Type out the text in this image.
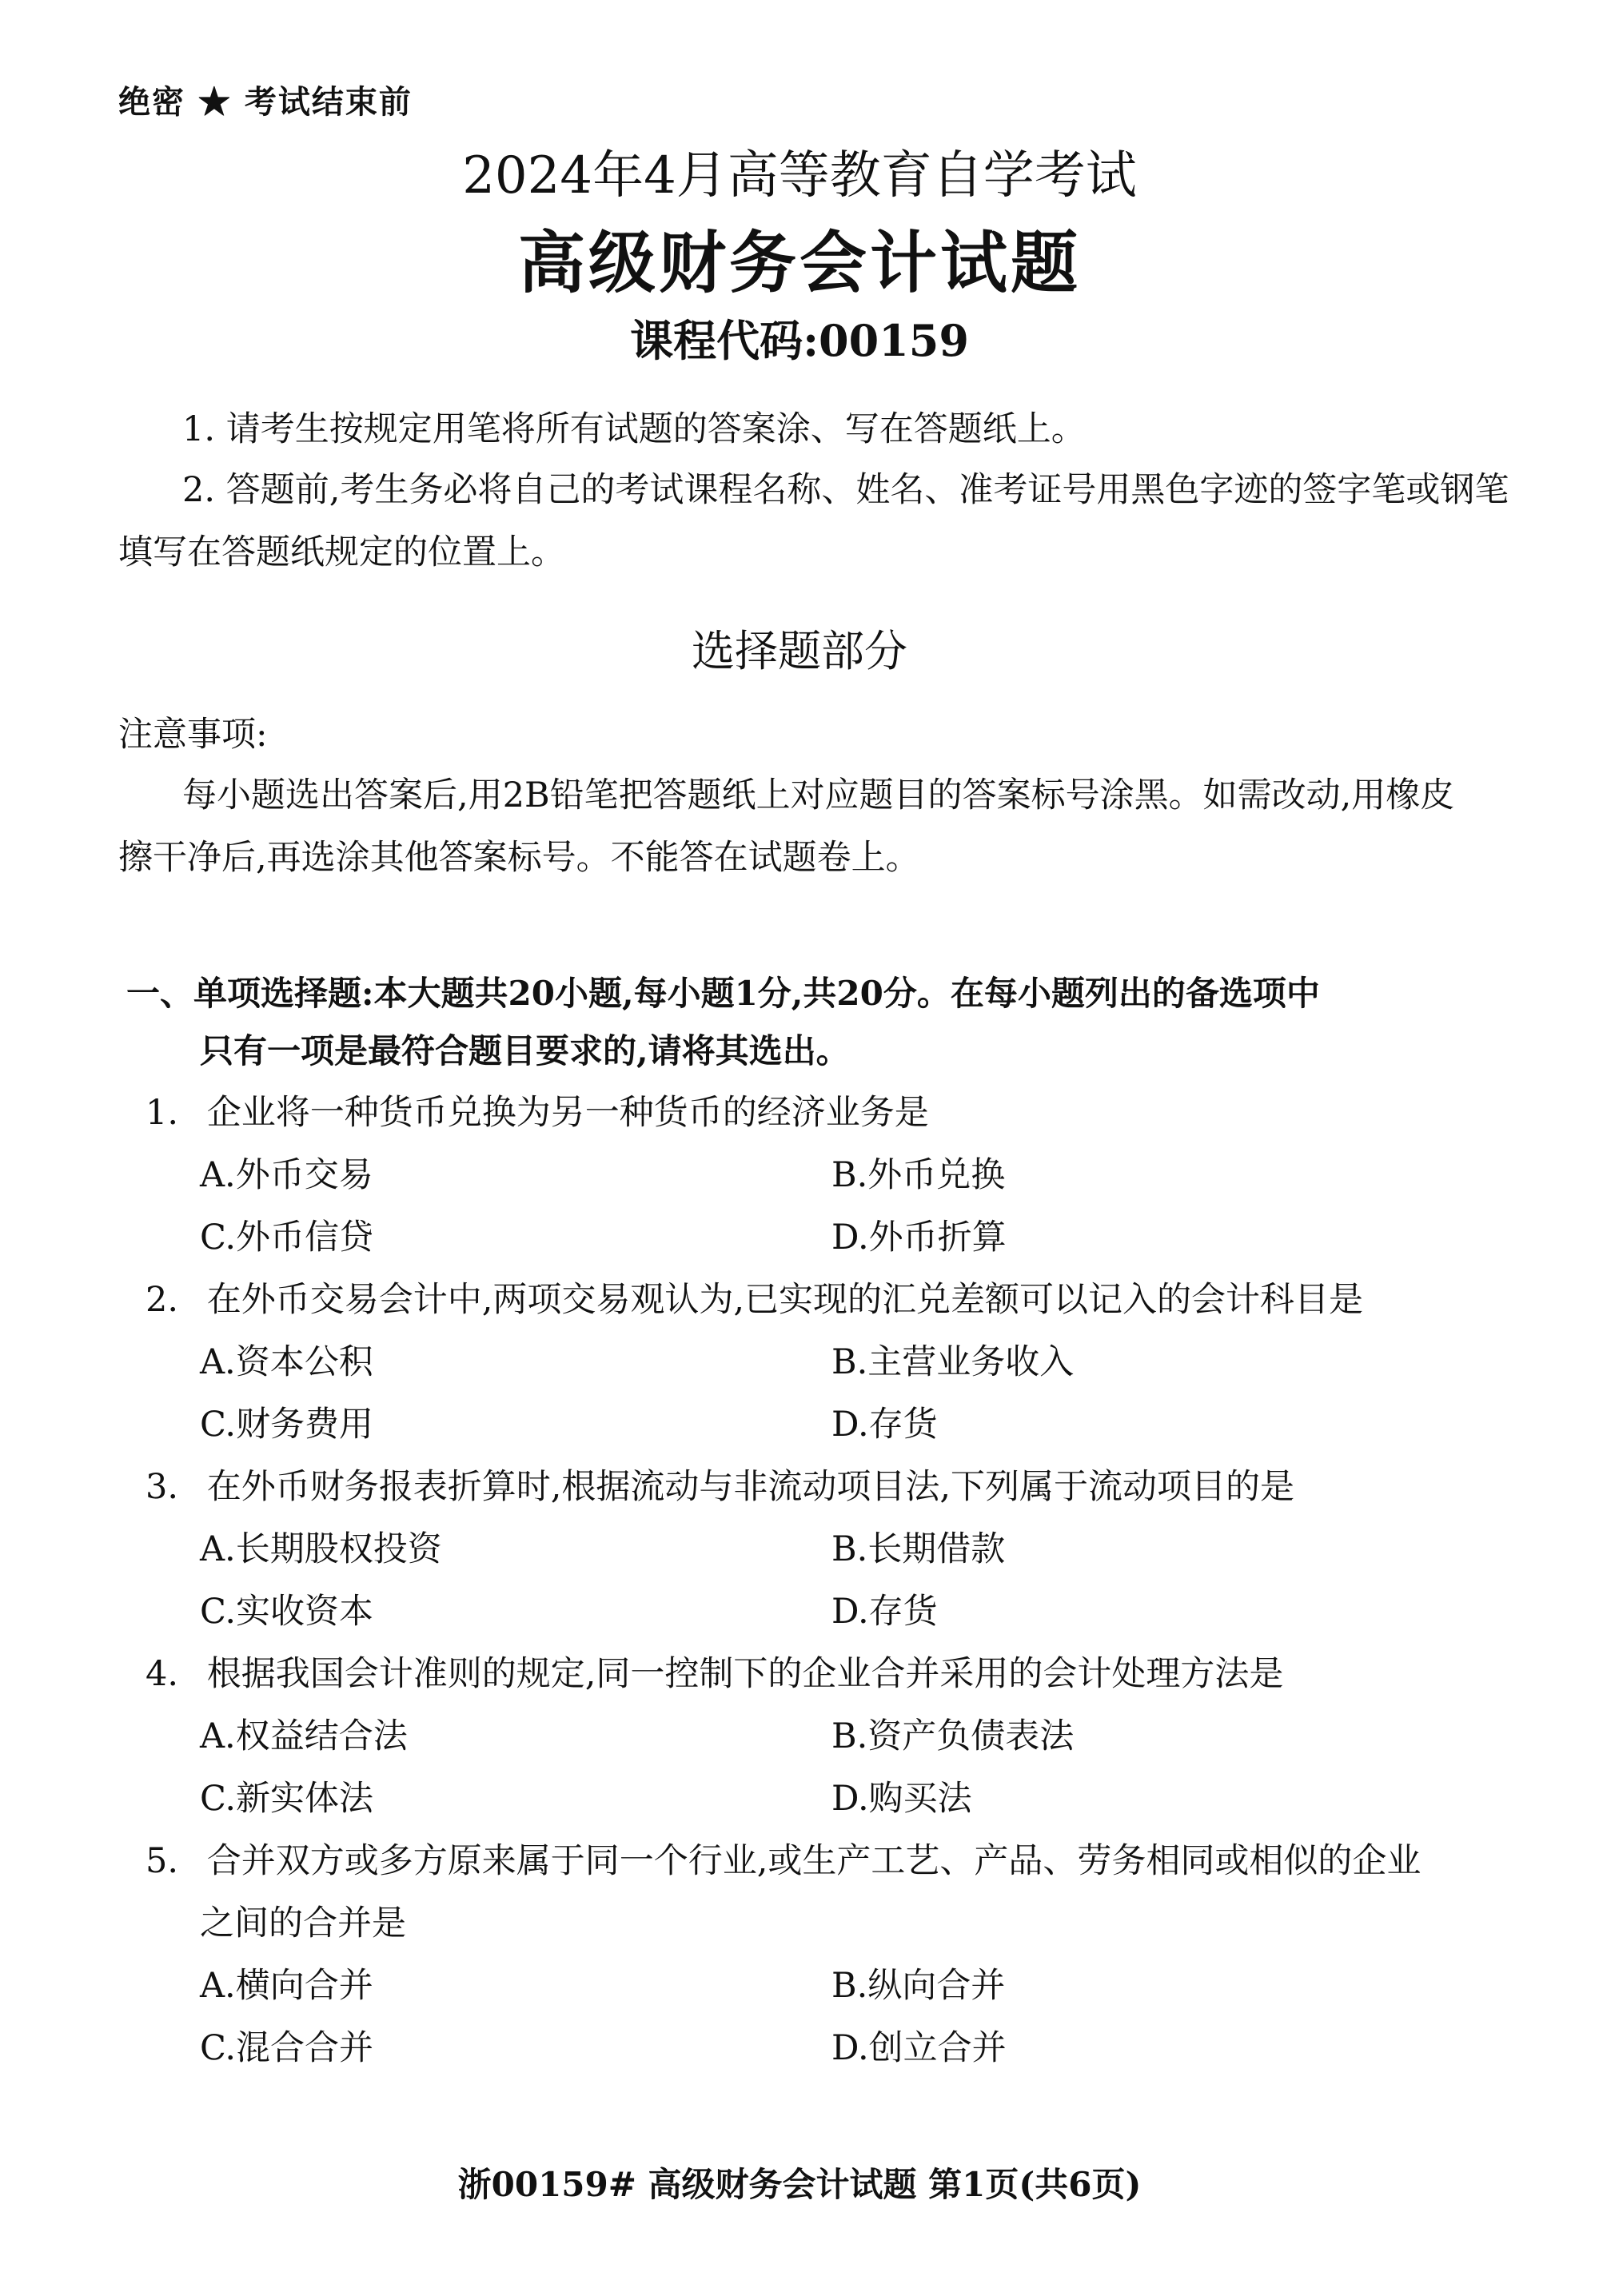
绝密 ★ 考试结束前
2024年4月高等教育自学考试
高级财务会计试题
课程代码:00159
1. 请考生按规定用笔将所有试题的答案涂、写在答题纸上。
2. 答题前,考生务必将自己的考试课程名称、姓名、准考证号用黑色字迹的签字笔或钢笔
填写在答题纸规定的位置上。
选择题部分
注意事项:
每小题选出答案后,用2B铅笔把答题纸上对应题目的答案标号涂黑。如需改动,用橡皮
擦干净后,再选涂其他答案标号。不能答在试题卷上。
一、单项选择题:本大题共20小题,每小题1分,共20分。在每小题列出的备选项中
只有一项是最符合题目要求的,请将其选出。
1. 企业将一种货币兑换为另一种货币的经济业务是
A.外币交易	B.外币兑换
C.外币信贷	D.外币折算
2. 在外币交易会计中,两项交易观认为,已实现的汇兑差额可以记入的会计科目是
A.资本公积	B.主营业务收入
C.财务费用	D.存货
3. 在外币财务报表折算时,根据流动与非流动项目法,下列属于流动项目的是
A.长期股权投资	B.长期借款
C.实收资本	D.存货
4. 根据我国会计准则的规定,同一控制下的企业合并采用的会计处理方法是
A.权益结合法	B.资产负债表法
C.新实体法	D.购买法
5. 合并双方或多方原来属于同一个行业,或生产工艺、产品、劳务相同或相似的企业
之间的合并是
A.横向合并	B.纵向合并
C.混合合并	D.创立合并
浙00159# 高级财务会计试题 第1页(共6页)
